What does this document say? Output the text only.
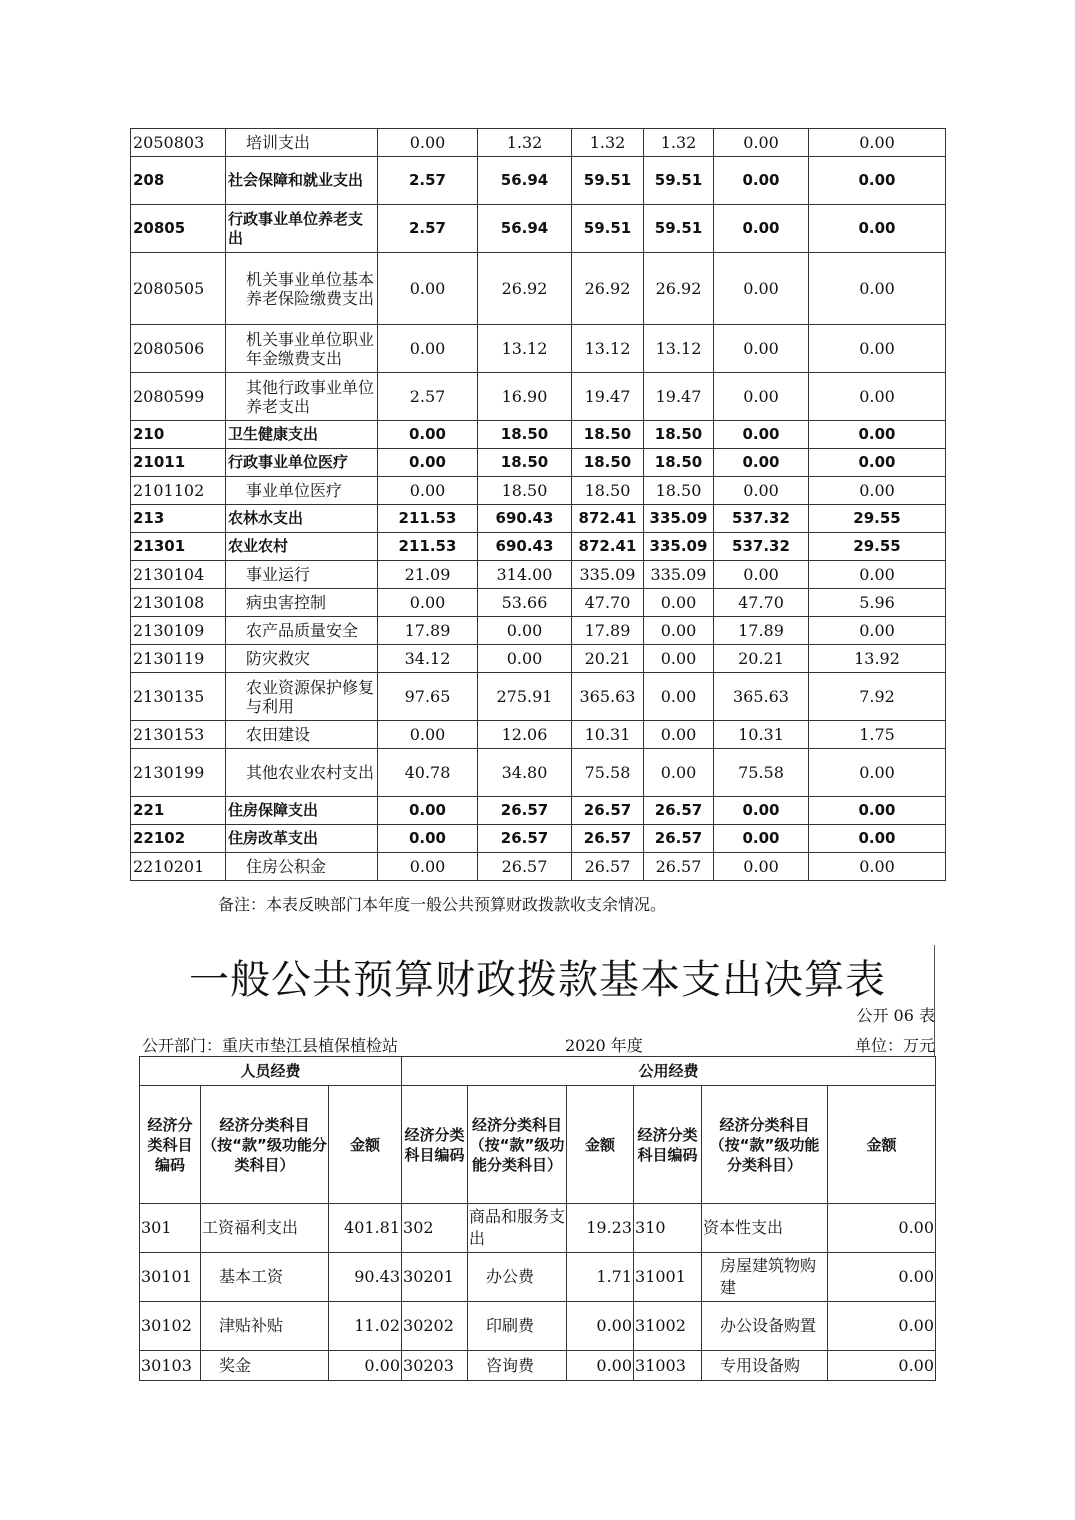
2050803	培训支出	0.00	1.32	1.32	1.32	0.00	0.00
208	社会保障和就业支出	2.57	56.94	59.51	59.51	0.00	0.00
20805	行政事业单位养老支出	2.57	56.94	59.51	59.51	0.00	0.00
2080505	机关事业单位基本养老保险缴费支出	0.00	26.92	26.92	26.92	0.00	0.00
2080506	机关事业单位职业年金缴费支出	0.00	13.12	13.12	13.12	0.00	0.00
2080599	其他行政事业单位养老支出	2.57	16.90	19.47	19.47	0.00	0.00
210	卫生健康支出	0.00	18.50	18.50	18.50	0.00	0.00
21011	行政事业单位医疗	0.00	18.50	18.50	18.50	0.00	0.00
2101102	事业单位医疗	0.00	18.50	18.50	18.50	0.00	0.00
213	农林水支出	211.53	690.43	872.41	335.09	537.32	29.55
21301	农业农村	211.53	690.43	872.41	335.09	537.32	29.55
2130104	事业运行	21.09	314.00	335.09	335.09	0.00	0.00
2130108	病虫害控制	0.00	53.66	47.70	0.00	47.70	5.96
2130109	农产品质量安全	17.89	0.00	17.89	0.00	17.89	0.00
2130119	防灾救灾	34.12	0.00	20.21	0.00	20.21	13.92
2130135	农业资源保护修复与利用	97.65	275.91	365.63	0.00	365.63	7.92
2130153	农田建设	0.00	12.06	10.31	0.00	10.31	1.75
2130199	其他农业农村支出	40.78	34.80	75.58	0.00	75.58	0.00
221	住房保障支出	0.00	26.57	26.57	26.57	0.00	0.00
22102	住房改革支出	0.00	26.57	26.57	26.57	0.00	0.00
2210201	住房公积金	0.00	26.57	26.57	26.57	0.00	0.00
备注：本表反映部门本年度一般公共预算财政拨款收支余情况。
一般公共预算财政拨款基本支出决算表
公开 06 表
公开部门：重庆市垫江县植保植检站	2020 年度	单位：万元
人员经费			公用经费					
经济分类科目编码	经济分类科目（按“款”级功能分类科目）	金额	经济分类科目编码	经济分类科目（按“款”级功能分类科目）	金额	经济分类科目编码	经济分类科目（按“款”级功能分类科目）	金额
301	工资福利支出	401.81	302	商品和服务支出	19.23	310	资本性支出	0.00
30101	基本工资	90.43	30201	办公费	1.71	31001	房屋建筑物购建	0.00
30102	津贴补贴	11.02	30202	印刷费	0.00	31002	办公设备购置	0.00
30103	奖金	0.00	30203	咨询费	0.00	31003	专用设备购	0.00
